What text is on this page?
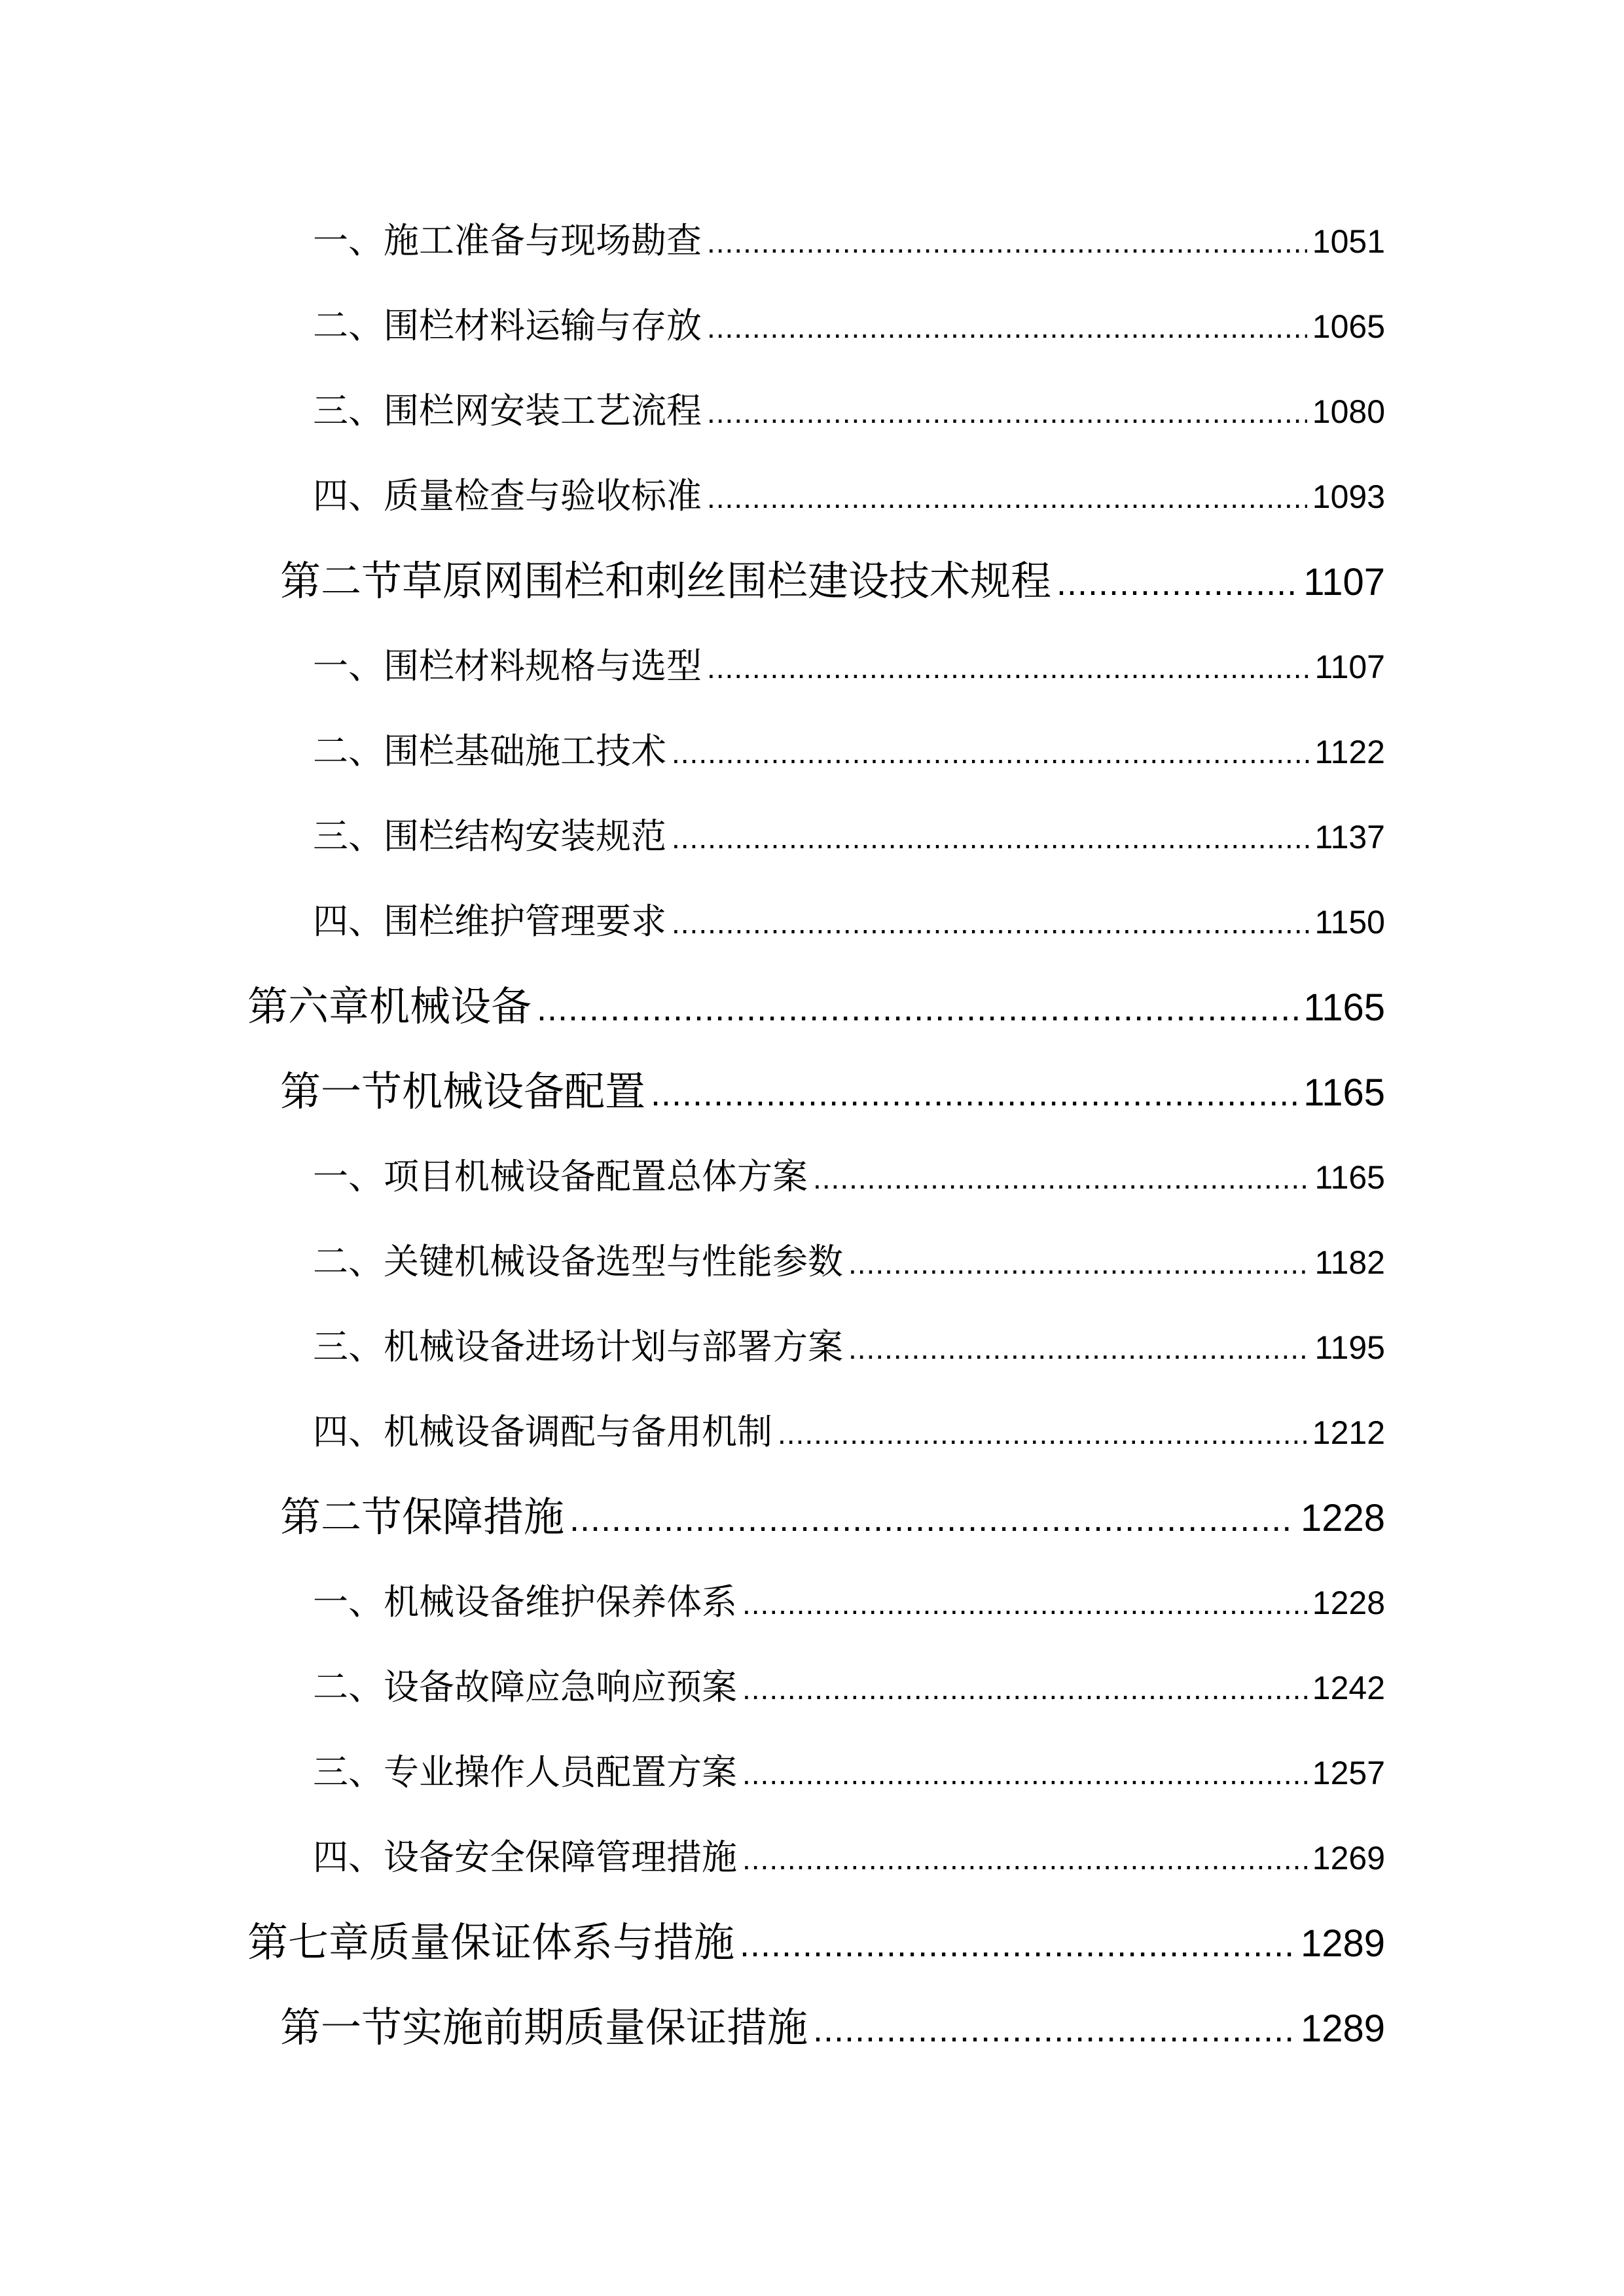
一、施工准备与现场勘查 .....	1051
二、围栏材料运输与存放 .....	1065
三、围栏网安装工艺流程 .....	1080
四、质量检查与验收标准 .....	1093
第二节草原网围栏和刺丝围栏建设技术规程 .....	1107
一、围栏材料规格与选型 .....	1107
二、围栏基础施工技术 .....	1122
三、围栏结构安装规范 .....	1137
四、围栏维护管理要求 .....	1150
第六章机械设备 .....	1165
第一节机械设备配置 .....	1165
一、项目机械设备配置总体方案 .....	1165
二、关键机械设备选型与性能参数 .....	1182
三、机械设备进场计划与部署方案 .....	1195
四、机械设备调配与备用机制 .....	1212
第二节保障措施 .....	1228
一、机械设备维护保养体系 .....	1228
二、设备故障应急响应预案 .....	1242
三、专业操作人员配置方案 .....	1257
四、设备安全保障管理措施 .....	1269
第七章质量保证体系与措施 .....	1289
第一节实施前期质量保证措施 .....	1289
